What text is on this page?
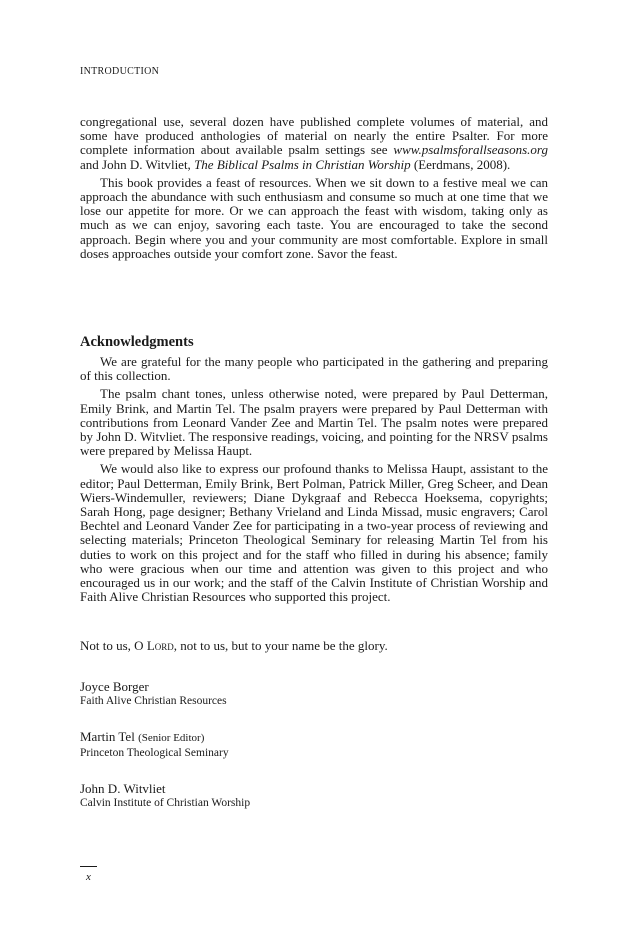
INTRODUCTION

congregational use, several dozen have published complete volumes of material, and some have produced anthologies of material on nearly the entire Psalter. For more complete information about available psalm settings see www.psalmsforallseasons.org and John D. Witvliet, The Biblical Psalms in Christian Worship (Eerdmans, 2008).

This book provides a feast of resources. When we sit down to a festive meal we can approach the abundance with such enthusiasm and consume so much at one time that we lose our appetite for more. Or we can approach the feast with wisdom, taking only as much as we can enjoy, savoring each taste. You are encouraged to take the second approach. Begin where you and your community are most comfortable. Explore in small doses approaches outside your comfort zone. Savor the feast.

Acknowledgments

We are grateful for the many people who participated in the gathering and preparing of this collection.

The psalm chant tones, unless otherwise noted, were prepared by Paul Detterman, Emily Brink, and Martin Tel. The psalm prayers were prepared by Paul Detterman with contributions from Leonard Vander Zee and Martin Tel. The psalm notes were prepared by John D. Witvliet. The responsive readings, voicing, and pointing for the NRSV psalms were prepared by Melissa Haupt.

We would also like to express our profound thanks to Melissa Haupt, assistant to the editor; Paul Detterman, Emily Brink, Bert Polman, Patrick Miller, Greg Scheer, and Dean Wiers-Windemuller, reviewers; Diane Dykgraaf and Rebecca Hoeksema, copyrights; Sarah Hong, page designer; Bethany Vrieland and Linda Missad, music engravers; Carol Bechtel and Leonard Vander Zee for participating in a two-year process of reviewing and selecting materials; Princeton Theological Seminary for releasing Martin Tel from his duties to work on this project and for the staff who filled in during his absence; family who were gracious when our time and attention was given to this project and who encouraged us in our work; and the staff of the Calvin Institute of Christian Worship and Faith Alive Christian Resources who supported this project.

Not to us, O Lord, not to us, but to your name be the glory.
Joyce Borger
Faith Alive Christian Resources
Martin Tel (Senior Editor)
Princeton Theological Seminary
John D. Witvliet
Calvin Institute of Christian Worship
x
